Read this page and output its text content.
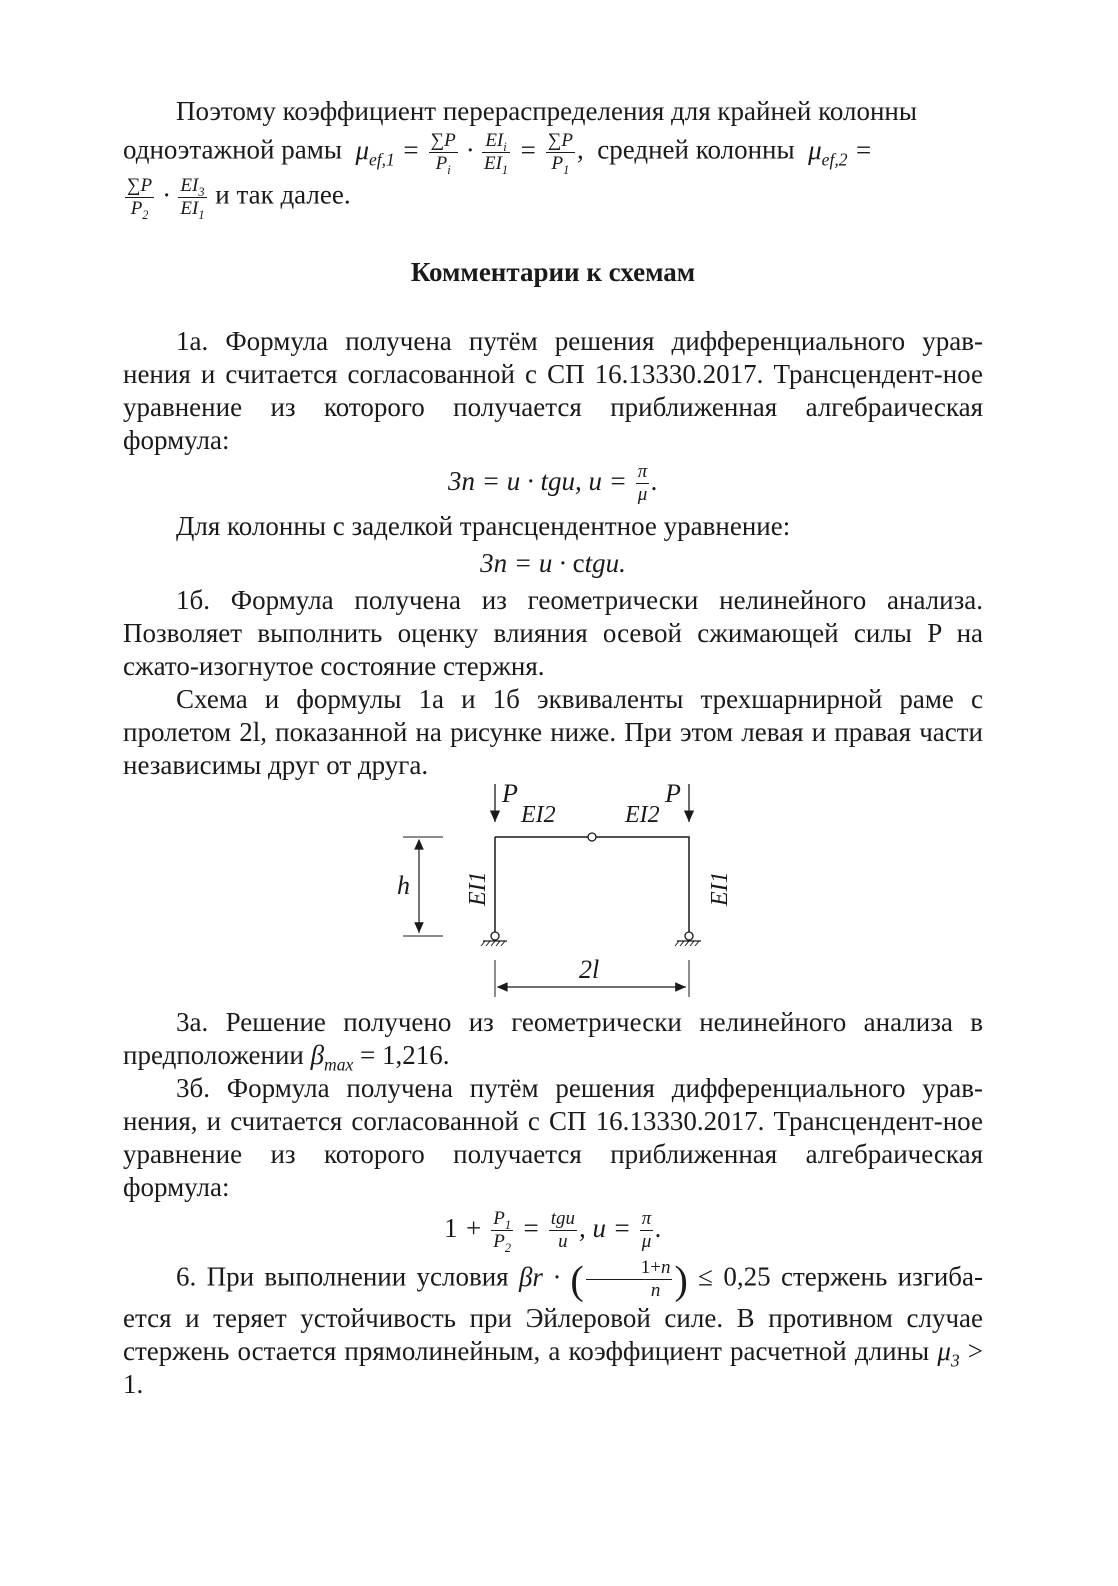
Поэтому коэффициент перераспределения для крайней колонны

одноэтажной рамы $\mu_{ef,1} = \frac{\sum P}{P_i} \cdot \frac{EI_i}{EI_1} = \frac{\sum P}{P_1}$ ,  средней колонны $\mu_{ef,2}$ =

$\frac{\sum P}{P_2} \cdot \frac{EI_3}{EI_1}$ и так далее.

Комментарии к схемам

1а. Формула получена путём решения дифференциального урав-нения и считается согласованной с СП 16.13330.2017. Трансцендент-ное уравнение из которого получается приближенная алгебраическая формула:

3n = u · tgu, $u = \frac{\pi}{\mu}$ .

Для колонны с заделкой трансцендентное уравнение:

3n = u · ctgu.

1б. Формула получена из геометрически нелинейного анализа. Позволяет выполнить оценку влияния осевой сжимающей силы P на сжато-изогнутое состояние стержня.

Схема и формулы 1а и 1б эквиваленты трехшарнирной раме с пролетом 2l, показанной на рисунке ниже. При этом левая и правая части независимы друг от друга.

P	P
EI2	EI2
EI1	EI1
h
2l

3а. Решение получено из геометрически нелинейного анализа в предположении $\beta_{max} = 1,216$.

3б. Формула получена путём решения дифференциального урав-нения, и считается согласованной с СП 16.13330.2017. Трансцендент-ное уравнение из которого получается приближенная алгебраическая формула:

$1 + \frac{P_1}{P_2} = \frac{\text{tgu}}{u}$ , $u = \frac{\pi}{\mu}$ .

6. При выполнении условия βr · ( $\frac{1+n}{n}$ ) ≤ 0,25 стержень изгиба-ется и теряет устойчивость при Эйлеровой силе. В противном случае стержень остается прямолинейным, а коэффициент расчетной длины $\mu_3 > 1$.
